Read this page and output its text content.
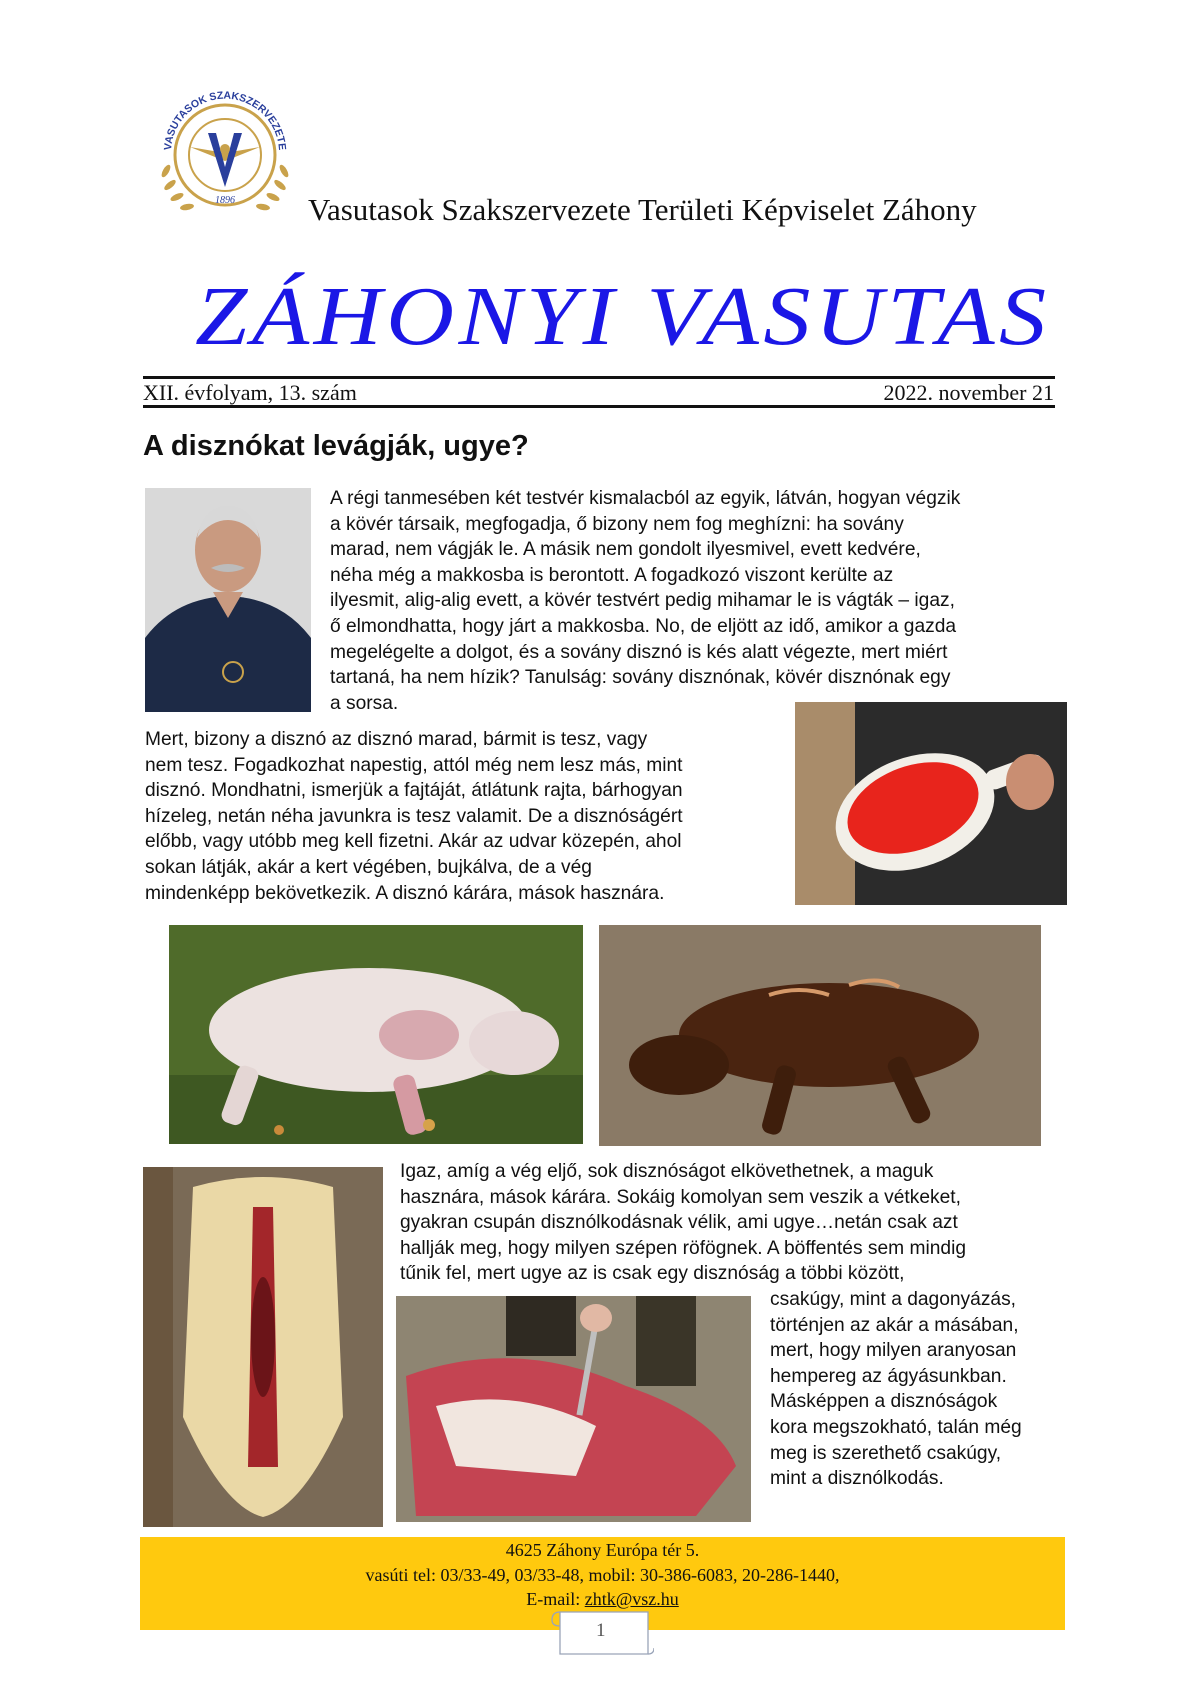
VASUTASOK SZAKSZERVEZETE
1896 Vasutasok Szakszervezete Területi Képviselet Záhony
ZÁHONYI VASUTAS
XII. évfolyam, 13. szám	2022. november 21
A disznókat levágják, ugye?

A régi tanmesében két testvér kismalacból az egyik, látván, hogyan végzik
a kövér társaik, megfogadja, ő bizony nem fog meghízni: ha sovány
marad, nem vágják le. A másik nem gondolt ilyesmivel, evett kedvére,
néha még a makkosba is berontott. A fogadkozó viszont kerülte az
ilyesmit, alig-alig evett, a kövér testvért pedig mihamar le is vágták – igaz,
ő elmondhatta, hogy járt a makkosba. No, de eljött az idő, amikor a gazda
megelégelte a dolgot, és a sovány disznó is kés alatt végezte, mert miért
tartaná, ha nem hízik? Tanulság: sovány disznónak, kövér disznónak egy
a sorsa.

Mert, bizony a disznó az disznó marad, bármit is tesz, vagy
nem tesz. Fogadkozhat napestig, attól még nem lesz más, mint
disznó. Mondhatni, ismerjük a fajtáját, átlátunk rajta, bárhogyan
hízeleg, netán néha javunkra is tesz valamit. De a disznóságért
előbb, vagy utóbb meg kell fizetni. Akár az udvar közepén, ahol
sokan látják, akár a kert végében, bujkálva, de a vég
mindenképp bekövetkezik. A disznó kárára, mások hasznára.

Igaz, amíg a vég eljő, sok disznóságot elkövethetnek, a maguk
hasznára, mások kárára. Sokáig komolyan sem veszik a vétkeket,
gyakran csupán disznólkodásnak vélik, ami ugye…netán csak azt
hallják meg, hogy milyen szépen röfögnek. A böffentés sem mindig
tűnik fel, mert ugye az is csak egy disznóság a többi között,

csakúgy, mint a dagonyázás,
történjen az akár a másában,
mert, hogy milyen aranyosan
hempereg az ágyásunkban.
Másképpen a disznóságok
kora megszokható, talán még
meg is szerethető csakúgy,
mint a disznólkodás.

4625 Záhony Európa tér 5.
vasúti tel: 03/33-49, 03/33-48, mobil: 30-386-6083, 20-286-1440,
E-mail: zhtk@vsz.hu
1
